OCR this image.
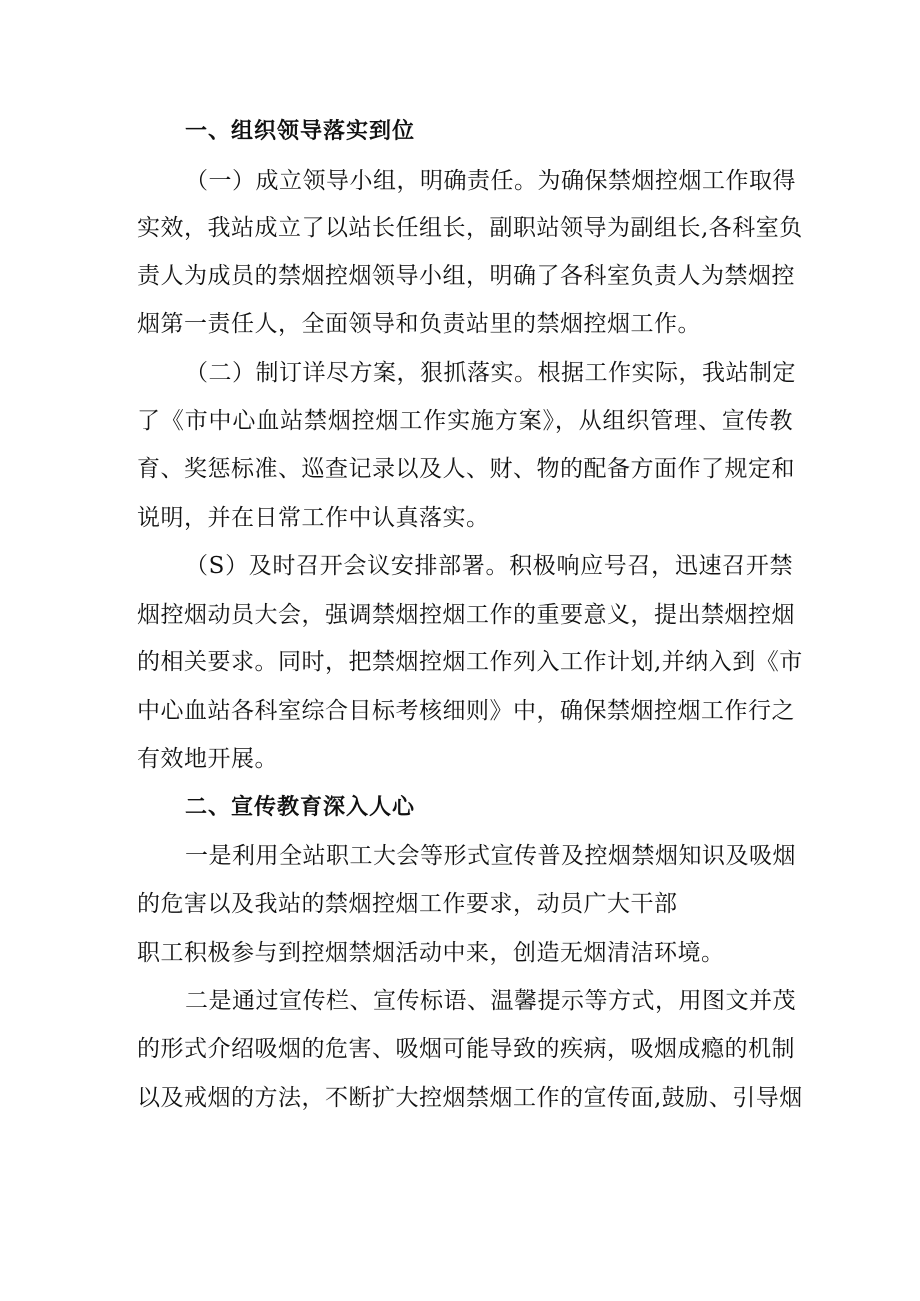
一、组织领导落实到位
（一）成立领导小组，明确责任。为确保禁烟控烟工作取得
实效，我站成立了以站长任组长，副职站领导为副组长,各科室负
责人为成员的禁烟控烟领导小组，明确了各科室负责人为禁烟控
烟第一责任人，全面领导和负责站里的禁烟控烟工作。
（二）制订详尽方案，狠抓落实。根据工作实际，我站制定
了《市中心血站禁烟控烟工作实施方案》，从组织管理、宣传教
育、奖惩标准、巡查记录以及人、财、物的配备方面作了规定和
说明，并在日常工作中认真落实。
（S）及时召开会议安排部署。积极响应号召，迅速召开禁
烟控烟动员大会，强调禁烟控烟工作的重要意义，提出禁烟控烟
的相关要求。同时，把禁烟控烟工作列入工作计划,并纳入到《市
中心血站各科室综合目标考核细则》中，确保禁烟控烟工作行之
有效地开展。
二、宣传教育深入人心
一是利用全站职工大会等形式宣传普及控烟禁烟知识及吸烟
的危害以及我站的禁烟控烟工作要求，动员广大干部
职工积极参与到控烟禁烟活动中来，创造无烟清洁环境。
二是通过宣传栏、宣传标语、温馨提示等方式，用图文并茂
的形式介绍吸烟的危害、吸烟可能导致的疾病，吸烟成瘾的机制
以及戒烟的方法，不断扩大控烟禁烟工作的宣传面,鼓励、引导烟
